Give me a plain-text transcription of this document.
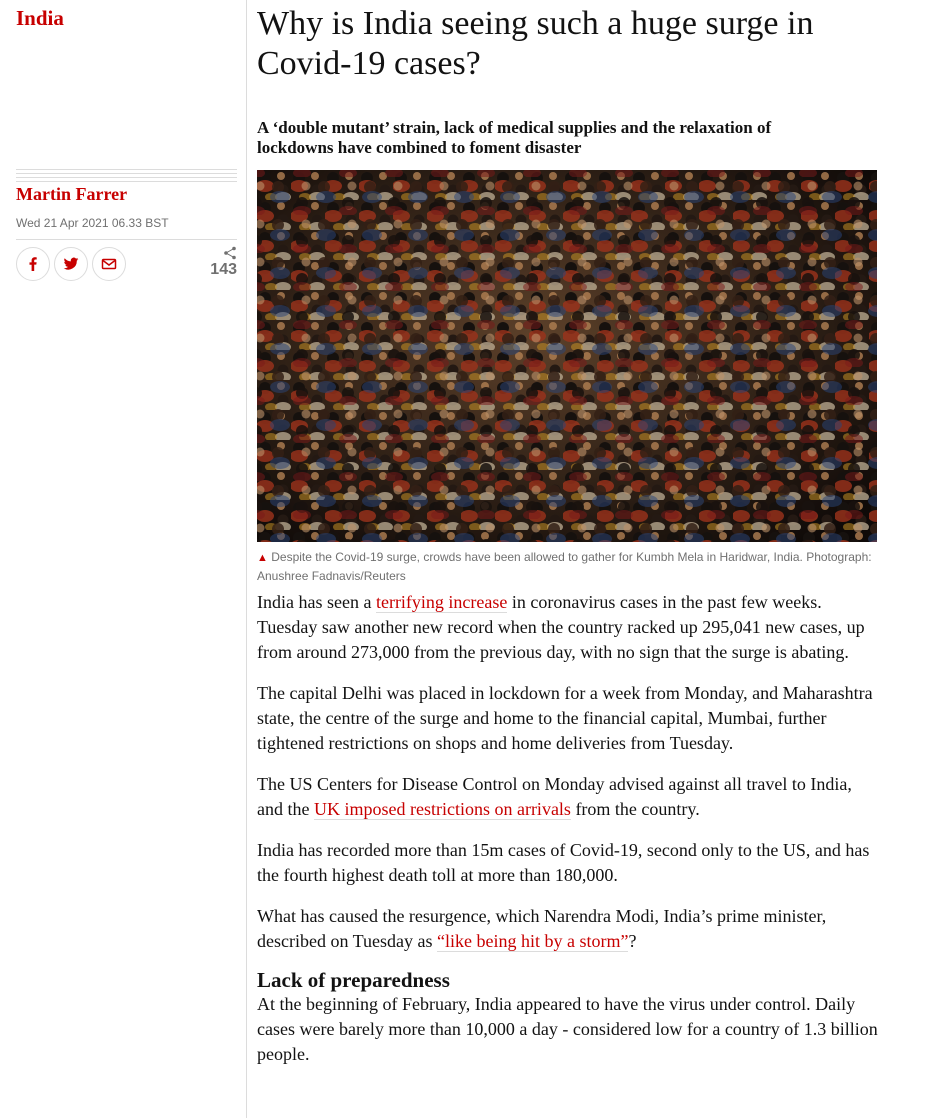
India
Martin Farrer
Wed 21 Apr 2021 06.33 BST
143
Why is India seeing such a huge surge in Covid-19 cases?
A ‘double mutant’ strain, lack of medical supplies and the relaxation of lockdowns have combined to foment disaster
▲ Despite the Covid-19 surge, crowds have been allowed to gather for Kumbh Mela in Haridwar, India. Photograph: Anushree Fadnavis/Reuters

India has seen a terrifying increase in coronavirus cases in the past few weeks. Tuesday saw another new record when the country racked up 295,041 new cases, up from around 273,000 from the previous day, with no sign that the surge is abating.

The capital Delhi was placed in lockdown for a week from Monday, and Maharashtra state, the centre of the surge and home to the financial capital, Mumbai, further tightened restrictions on shops and home deliveries from Tuesday.

The US Centers for Disease Control on Monday advised against all travel to India, and the UK imposed restrictions on arrivals from the country.

India has recorded more than 15m cases of Covid-19, second only to the US, and has the fourth highest death toll at more than 180,000.

What has caused the resurgence, which Narendra Modi, India’s prime minister, described on Tuesday as “like being hit by a storm”?

Lack of preparedness

At the beginning of February, India appeared to have the virus under control. Daily cases were barely more than 10,000 a day - considered low for a country of 1.3 billion people.
